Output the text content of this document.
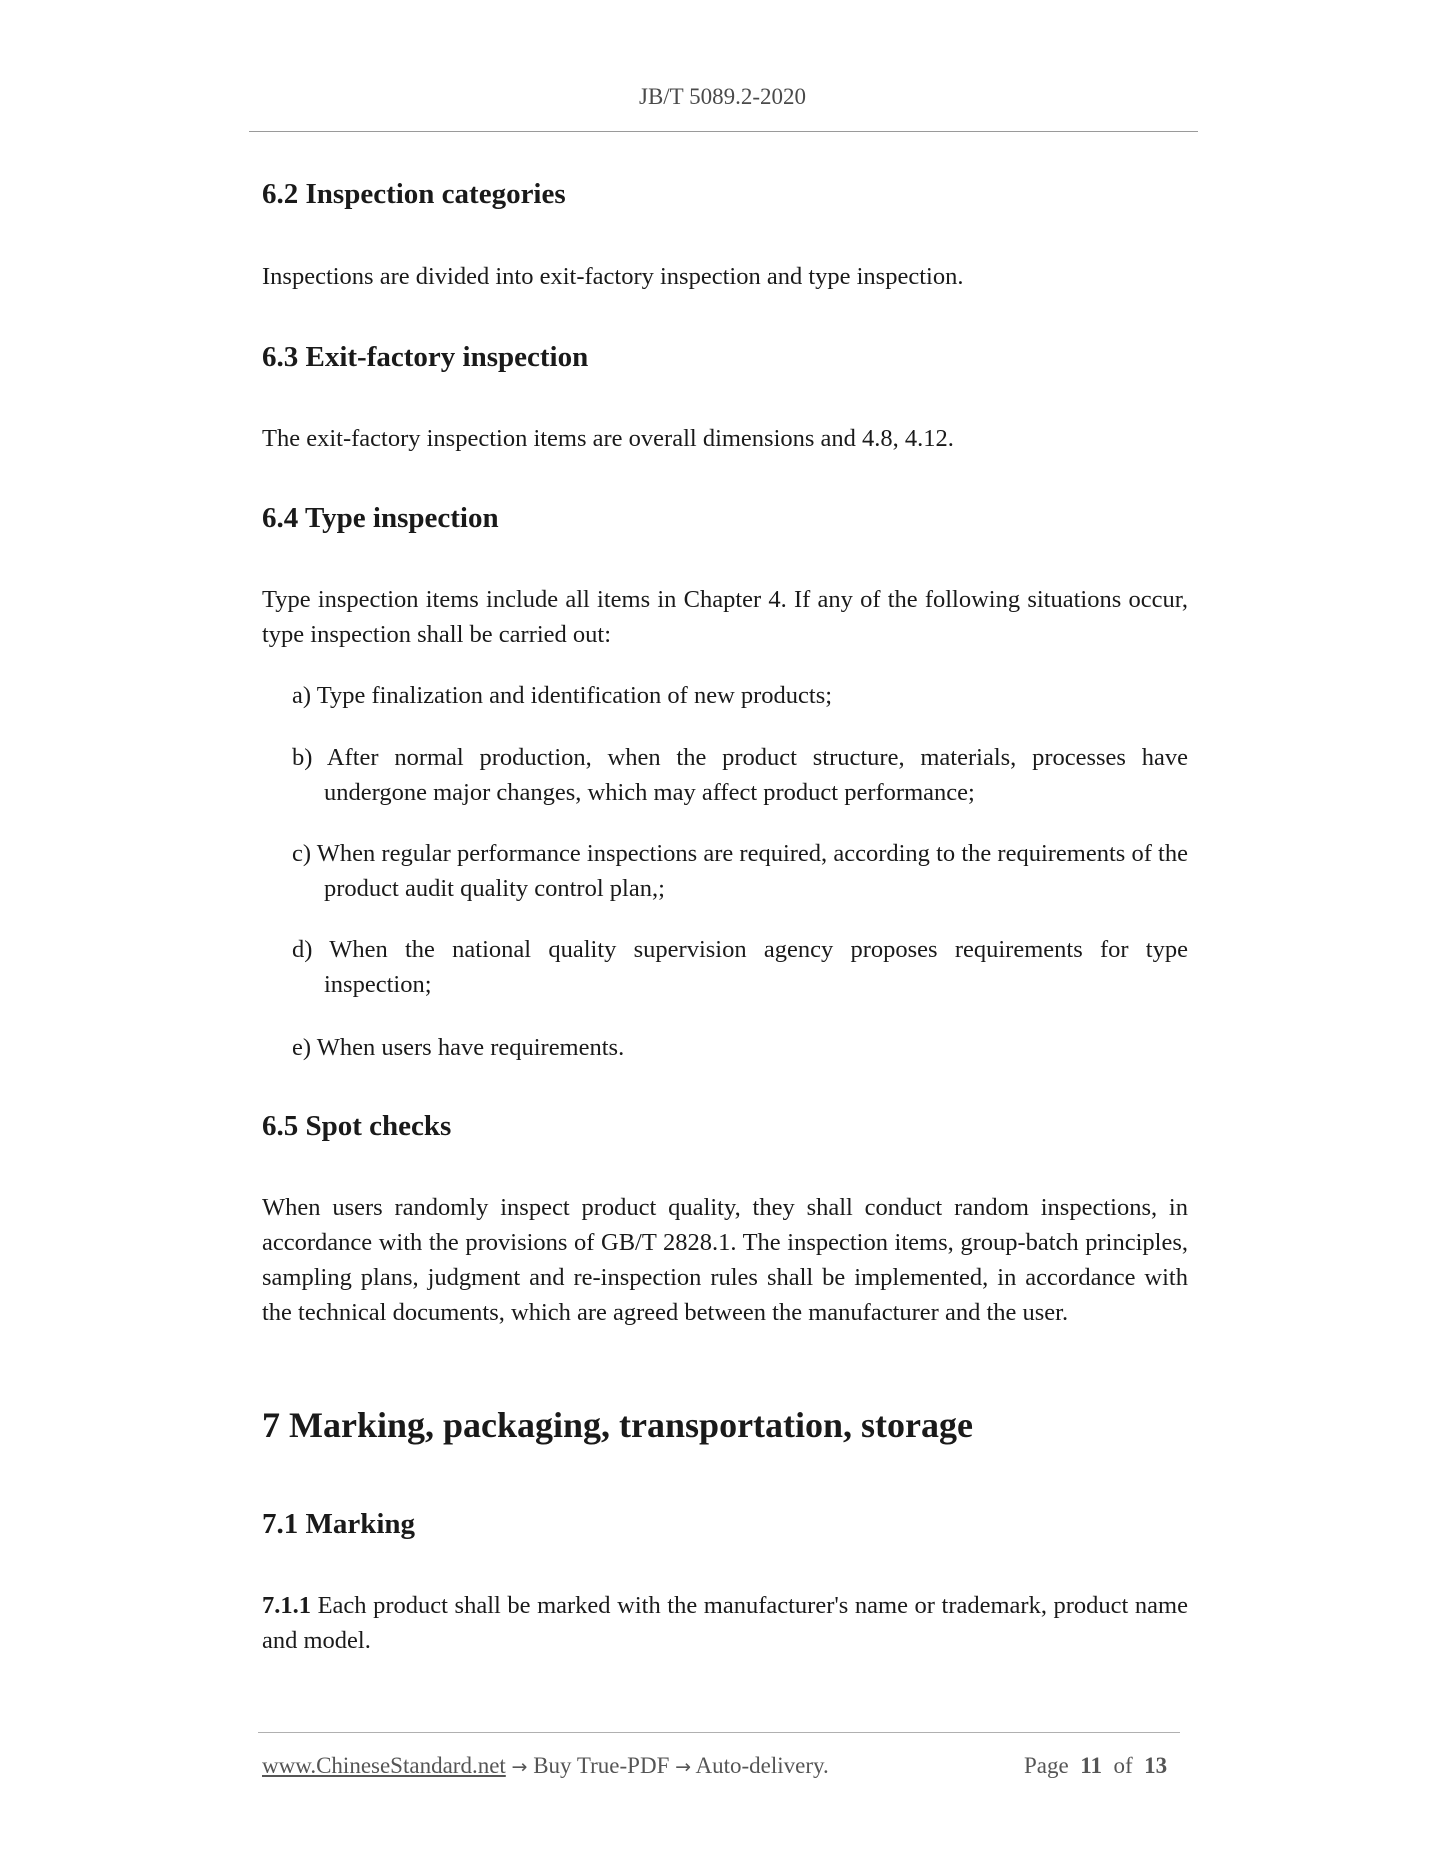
JB/T 5089.2-2020
6.2 Inspection categories
Inspections are divided into exit-factory inspection and type inspection.
6.3 Exit-factory inspection
The exit-factory inspection items are overall dimensions and 4.8, 4.12.
6.4 Type inspection
Type inspection items include all items in Chapter 4. If any of the following situations occur, type inspection shall be carried out:
a) Type finalization and identification of new products;
b) After normal production, when the product structure, materials, processes have undergone major changes, which may affect product performance;
c) When regular performance inspections are required, according to the requirements of the product audit quality control plan,;
d) When the national quality supervision agency proposes requirements for type inspection;
e) When users have requirements.
6.5 Spot checks
When users randomly inspect product quality, they shall conduct random inspections, in accordance with the provisions of GB/T 2828.1. The inspection items, group-batch principles, sampling plans, judgment and re-inspection rules shall be implemented, in accordance with the technical documents, which are agreed between the manufacturer and the user.
7 Marking, packaging, transportation, storage
7.1 Marking
7.1.1 Each product shall be marked with the manufacturer's name or trademark, product name and model.
www.ChineseStandard.net → Buy True-PDF → Auto-delivery.	Page 11 of 13
